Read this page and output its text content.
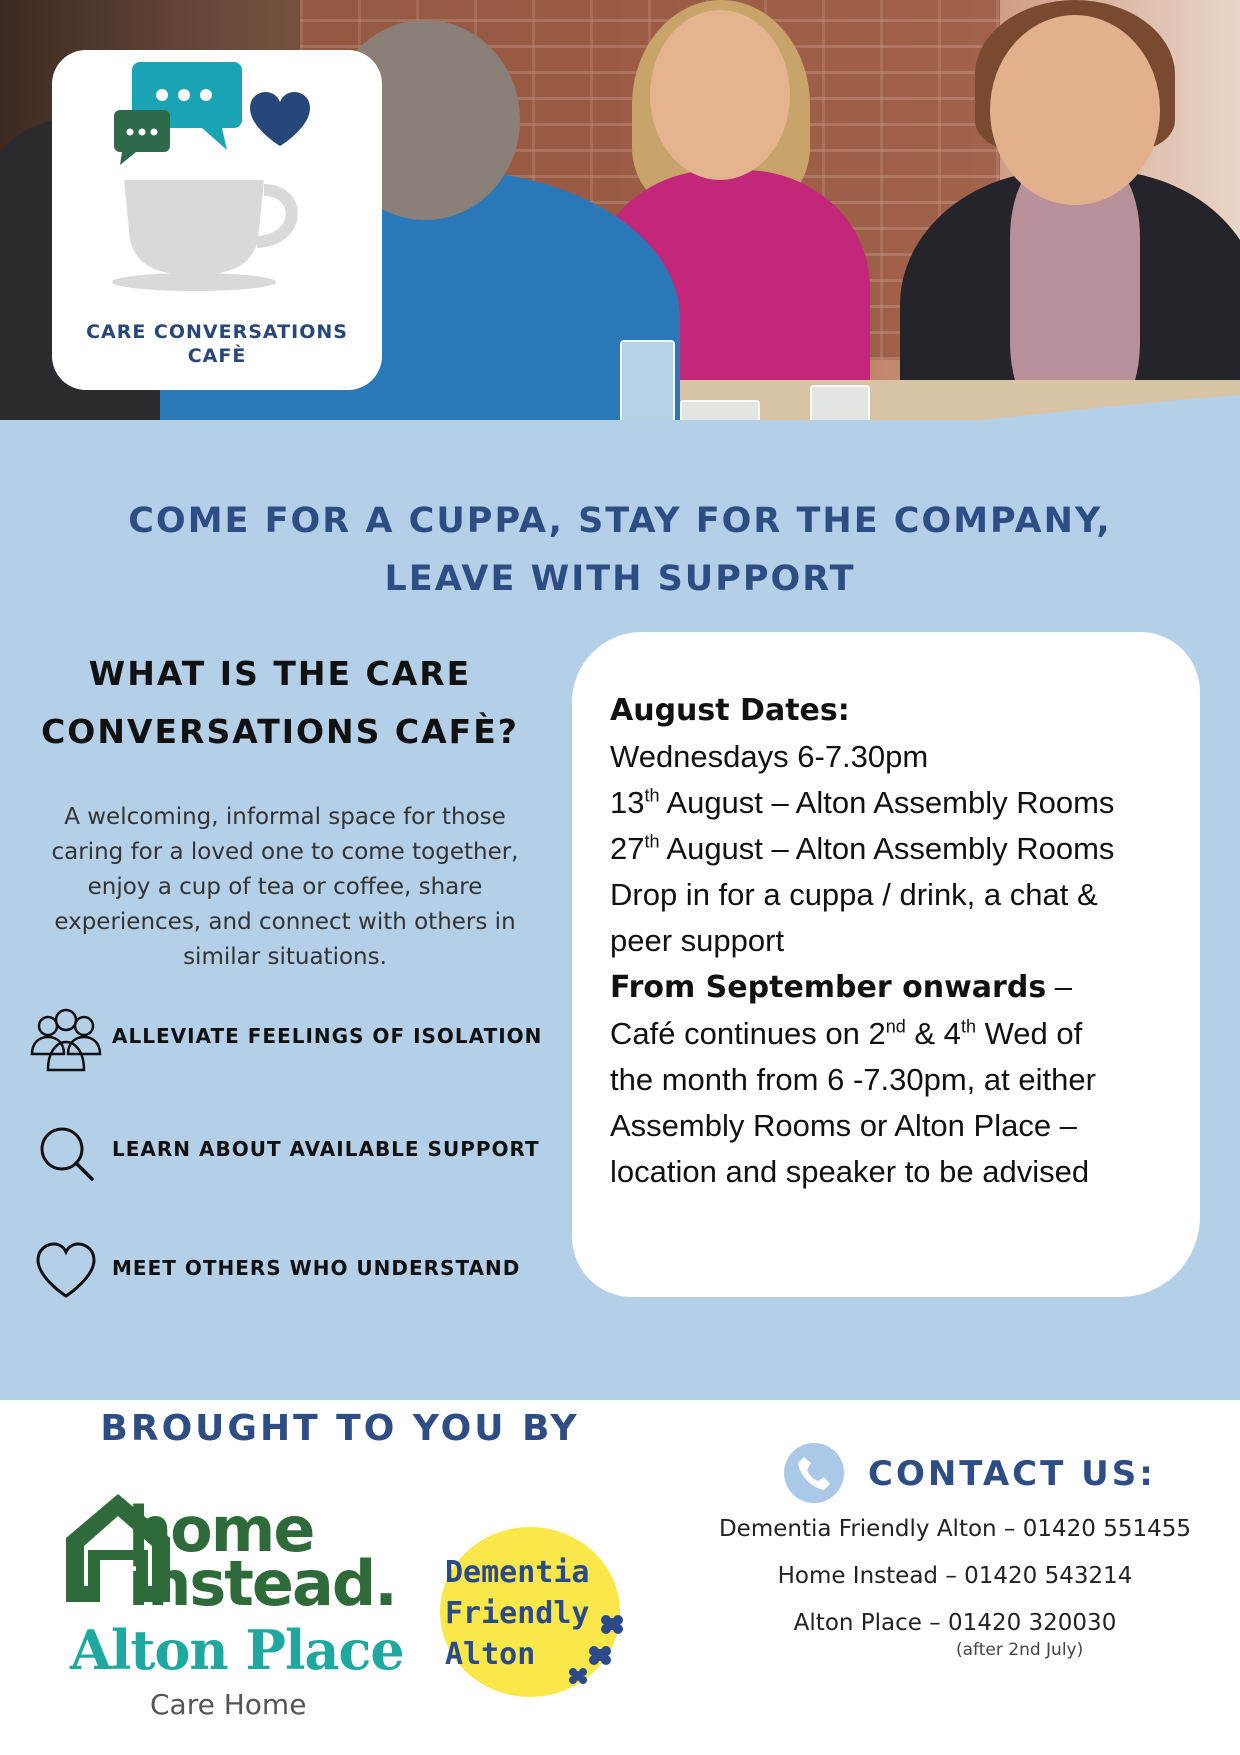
CARE CONVERSATIONS
CAFÈ
COME FOR A CUPPA, STAY FOR THE COMPANY,
LEAVE WITH SUPPORT
WHAT IS THE CARE
CONVERSATIONS CAFÈ?
A welcoming, informal space for those
caring for a loved one to come together,
enjoy a cup of tea or coffee, share
experiences, and connect with others in
similar situations.
ALLEVIATE FEELINGS OF ISOLATION
LEARN ABOUT AVAILABLE SUPPORT
MEET OTHERS WHO UNDERSTAND
August Dates:
Wednesdays 6-7.30pm
13th August – Alton Assembly Rooms
27th August – Alton Assembly Rooms
Drop in for a cuppa / drink, a chat &
peer support
From September onwards –
Café continues on 2nd & 4th Wed of
the month from 6 -7.30pm, at either
Assembly Rooms or Alton Place –
location and speaker to be advised
BROUGHT TO YOU BY
home
instead.
Alton Place
Care Home
Dementia
Friendly
Alton
CONTACT US:
Dementia Friendly Alton – 01420 551455
Home Instead – 01420 543214
Alton Place – 01420 320030
(after 2nd July)
